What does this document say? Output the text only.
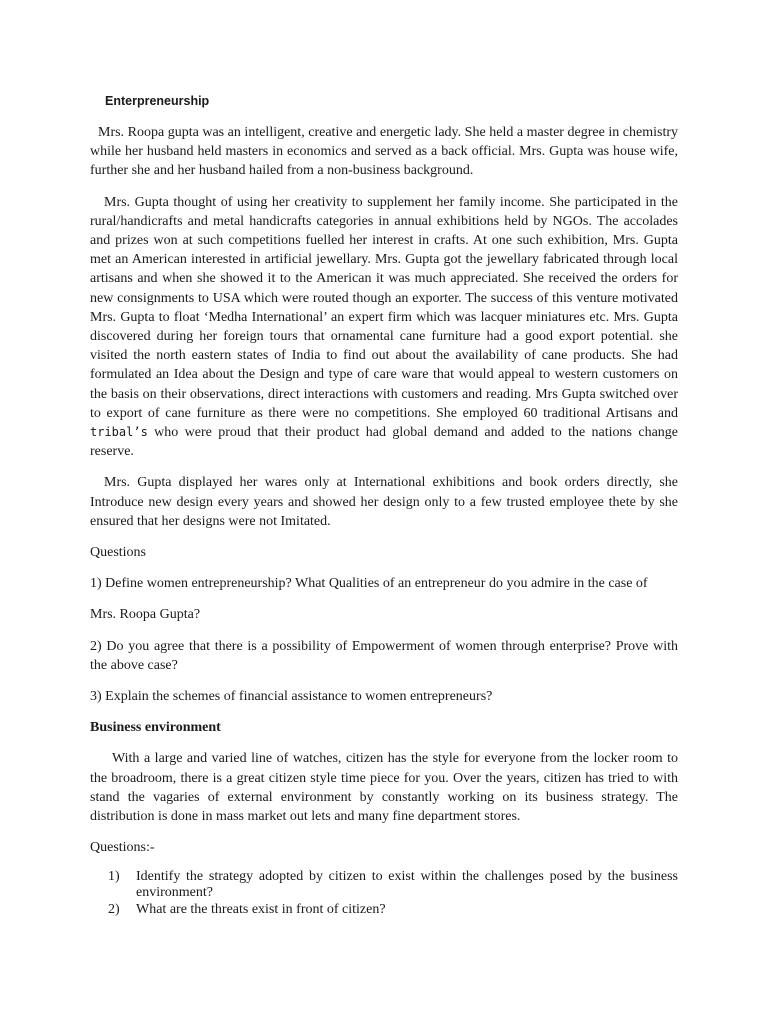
Enterpreneurship

Mrs. Roopa gupta was an intelligent, creative and energetic lady. She held a master degree in chemistry while her husband held masters in economics and served as a back official. Mrs. Gupta was house wife, further she and her husband hailed from a non-business background.

Mrs. Gupta thought of using her creativity to supplement her family income. She participated in the rural/handicrafts and metal handicrafts categories in annual exhibitions held by NGOs. The accolades and prizes won at such competitions fuelled her interest in crafts. At one such exhibition, Mrs. Gupta met an American interested in artificial jewellary. Mrs. Gupta got the jewellary fabricated through local artisans and when she showed it to the American it was much appreciated. She received the orders for new consignments to USA which were routed though an exporter. The success of this venture motivated Mrs. Gupta to float ‘Medha International’ an expert firm which was lacquer miniatures etc. Mrs. Gupta discovered during her foreign tours that ornamental cane furniture had a good export potential. she visited the north eastern states of India to find out about the availability of cane products. She had formulated an Idea about the Design and type of care ware that would appeal to western customers on the basis on their observations, direct interactions with customers and reading. Mrs Gupta switched over to export of cane furniture as there were no competitions. She employed 60 traditional Artisans and tribal’s who were proud that their product had global demand and added to the nations change reserve.

Mrs. Gupta displayed her wares only at International exhibitions and book orders directly, she Introduce new design every years and showed her design only to a few trusted employee thete by she ensured that her designs were not Imitated.

Questions

1) Define women entrepreneurship? What Qualities of an entrepreneur do you admire in the case of

Mrs. Roopa Gupta?

2) Do you agree that there is a possibility of Empowerment of women through enterprise? Prove with the above case?

3) Explain the schemes of financial assistance to women entrepreneurs?

Business environment

With a large and varied line of watches, citizen has the style for everyone from the locker room to the broadroom, there is a great citizen style time piece for you. Over the years, citizen has tried to with stand the vagaries of external environment by constantly working on its business strategy. The distribution is done in mass market out lets and many fine department stores.

Questions:-

1) Identify the strategy adopted by citizen to exist within the challenges posed by the business environment?
2) What are the threats exist in front of citizen?
